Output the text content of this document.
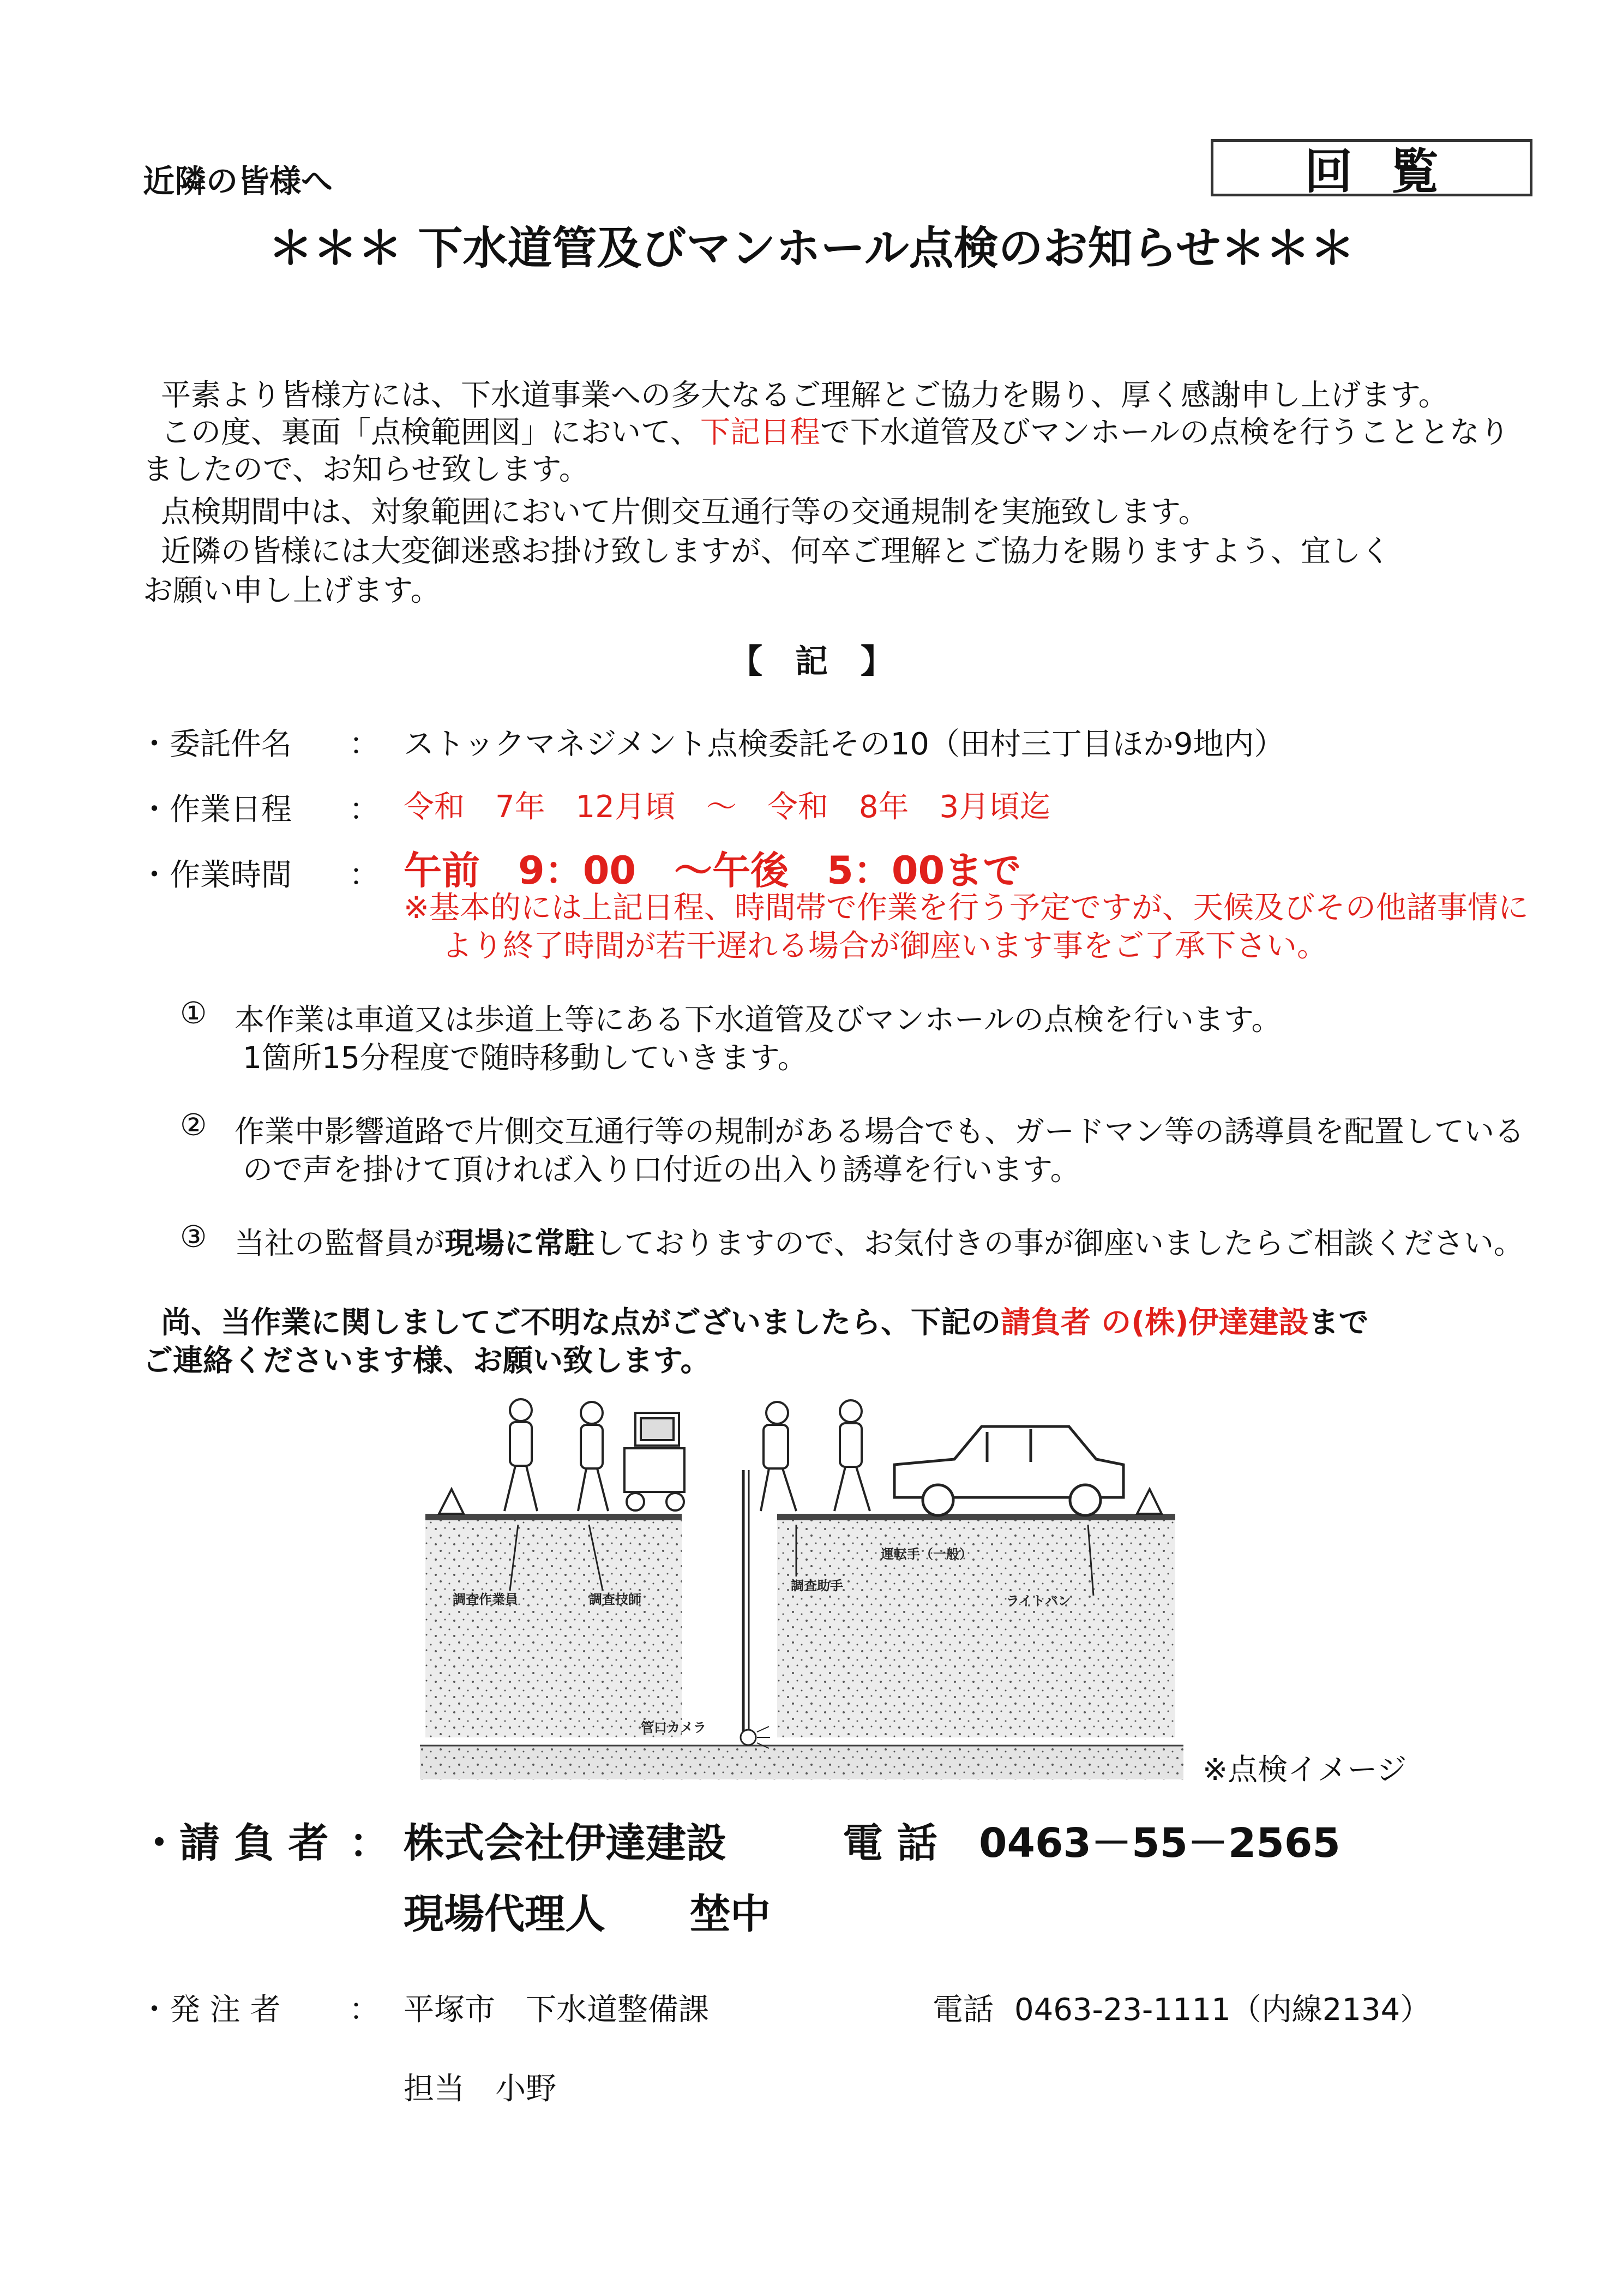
近隣の皆様へ	回覧
＊＊＊ 下水道管及びマンホール点検のお知らせ＊＊＊
平素より皆様方には、下水道事業への多大なるご理解とご協力を賜り、厚く感謝申し上げます。
この度、裏面「点検範囲図」において、下記日程で下水道管及びマンホールの点検を行うこととなり
ましたので、お知らせ致します。
点検期間中は、対象範囲において片側交互通行等の交通規制を実施致します。
近隣の皆様には大変御迷惑お掛け致しますが、何卒ご理解とご協力を賜りますよう、宜しく
お願い申し上げます。
【　記　】
・委託件名 ： ストックマネジメント点検委託その10（田村三丁目ほか9地内）
・作業日程 ： 令和　7年　12月頃　～　令和　8年　3月頃迄
・作業時間 ： 午前　9：00　～午後　5：00まで
※基本的には上記日程、時間帯で作業を行う予定ですが、天候及びその他諸事情に
より終了時間が若干遅れる場合が御座います事をご了承下さい。
① 本作業は車道又は歩道上等にある下水道管及びマンホールの点検を行います。
1箇所15分程度で随時移動していきます。
② 作業中影響道路で片側交互通行等の規制がある場合でも、ガードマン等の誘導員を配置している
ので声を掛けて頂ければ入り口付近の出入り誘導を行います。
③ 当社の監督員が現場に常駐しておりますので、お気付きの事が御座いましたらご相談ください。
尚、当作業に関しましてご不明な点がございましたら、下記の請負者 の(株)伊達建設まで
ご連絡くださいます様、お願い致します。
調査作業員	調査技師
運転手（一般）
調査助手
ライトバン
管口カメラ
※点検イメージ
・請 負 者 ： 株式会社伊達建設	電 話 0463－55－2565
現場代理人 埜中
・発 注 者 ： 平塚市　下水道整備課	電話 0463-23-1111（内線2134）
担当　小野
